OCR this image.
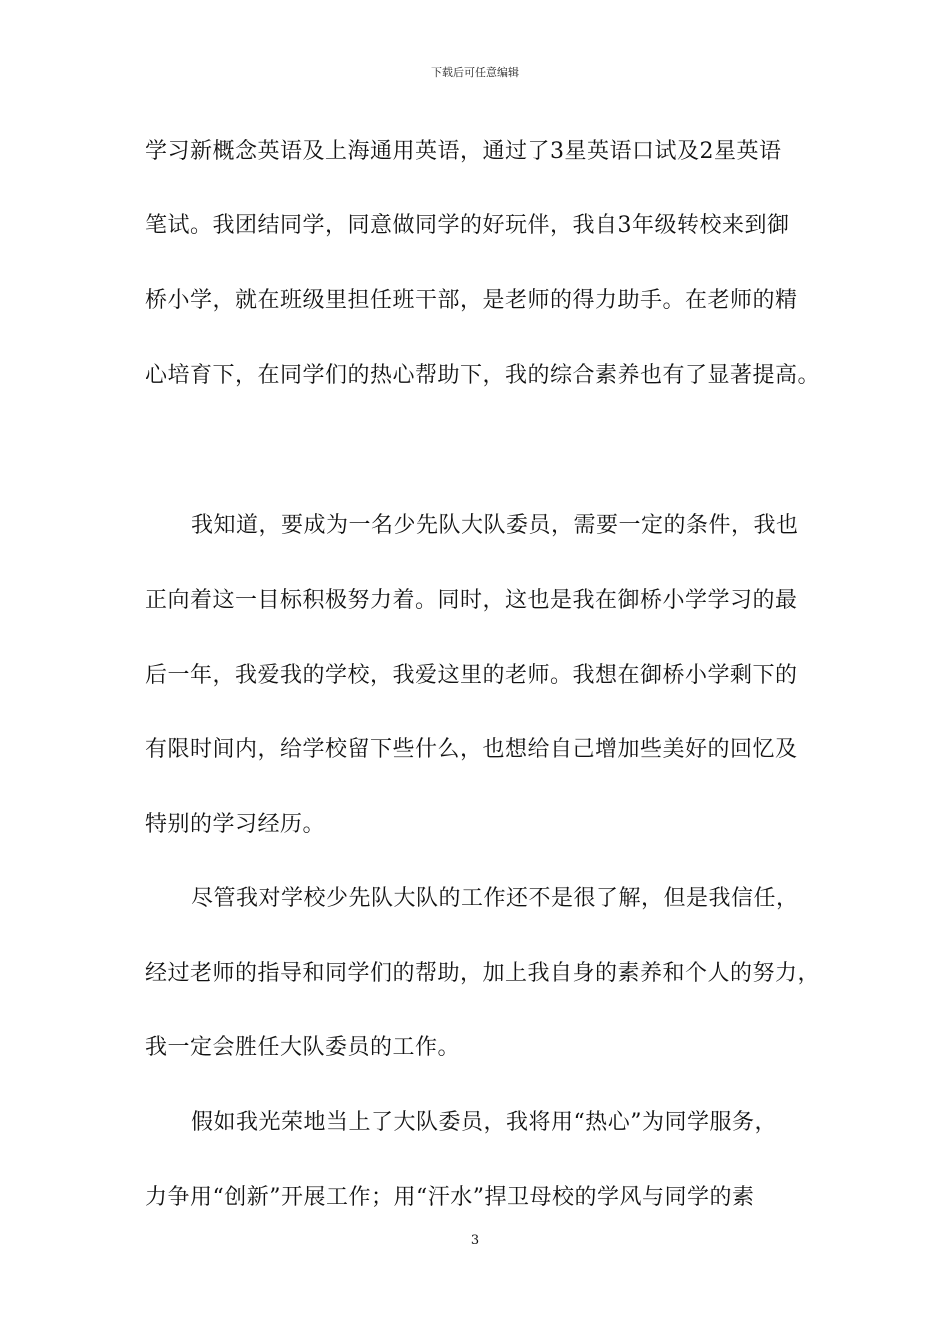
下载后可任意编辑
学习新概念英语及上海通用英语，通过了3星英语口试及2星英语
笔试。我团结同学，同意做同学的好玩伴，我自3年级转校来到御
桥小学，就在班级里担任班干部，是老师的得力助手。在老师的精
心培育下，在同学们的热心帮助下，我的综合素养也有了显著提高。
我知道，要成为一名少先队大队委员，需要一定的条件，我也
正向着这一目标积极努力着。同时，这也是我在御桥小学学习的最
后一年，我爱我的学校，我爱这里的老师。我想在御桥小学剩下的
有限时间内，给学校留下些什么，也想给自己增加些美好的回忆及
特别的学习经历。
尽管我对学校少先队大队的工作还不是很了解，但是我信任，
经过老师的指导和同学们的帮助，加上我自身的素养和个人的努力，
我一定会胜任大队委员的工作。
假如我光荣地当上了大队委员，我将用“热心”为同学服务，
力争用“创新”开展工作；用“汗水”捍卫母校的学风与同学的素
3
